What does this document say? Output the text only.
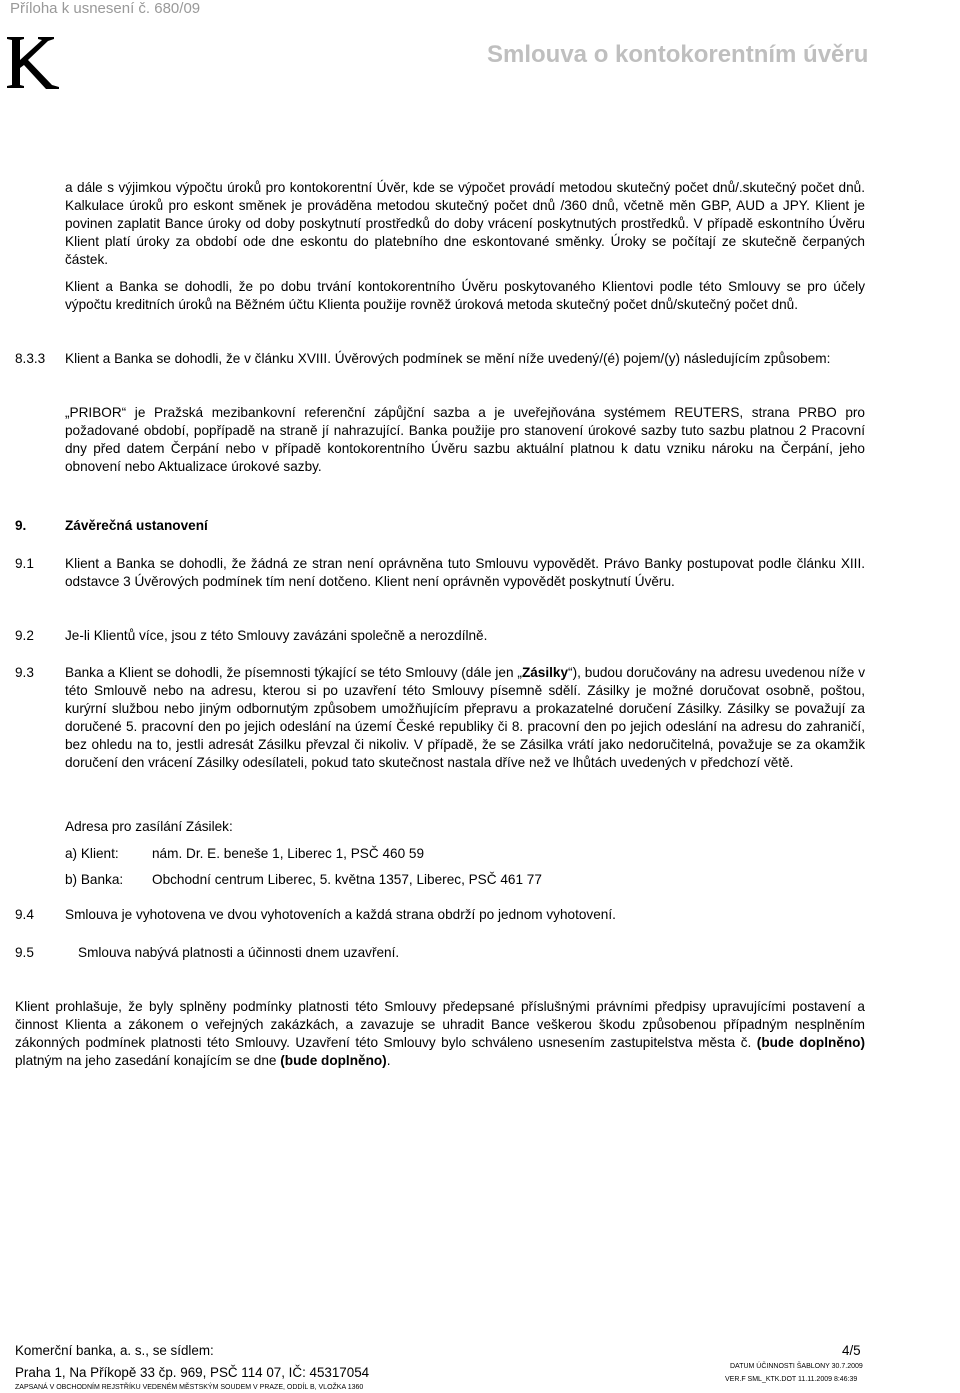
Příloha k usnesení č. 680/09
Smlouva o kontokorentním úvěru

a dále s výjimkou výpočtu úroků pro kontokorentní Úvěr, kde se výpočet provádí metodou skutečný počet dnů/.skutečný počet dnů. Kalkulace úroků pro eskont směnek je prováděna metodou skutečný počet dnů /360 dnů, včetně měn GBP, AUD a JPY. Klient je povinen zaplatit Bance úroky od doby poskytnutí prostředků do doby vrácení poskytnutých prostředků. V případě eskontního Úvěru Klient platí úroky za období ode dne eskontu do platebního dne eskontované směnky. Úroky se počítají ze skutečně čerpaných částek.

Klient a Banka se dohodli, že po dobu trvání kontokorentního Úvěru poskytovaného Klientovi podle této Smlouvy se pro účely výpočtu kreditních úroků na Běžném účtu Klienta použije rovněž úroková metoda skutečný počet dnů/skutečný počet dnů.

8.3.3 Klient a Banka se dohodli, že v článku XVIII. Úvěrových podmínek se mění níže uvedený/(é) pojem/(y) následujícím způsobem:
„PRIBOR“ je Pražská mezibankovní referenční zápůjční sazba a je uveřejňována systémem REUTERS, strana PRBO pro požadované období, popřípadě na straně jí nahrazující. Banka použije pro stanovení úrokové sazby tuto sazbu platnou 2 Pracovní dny před datem Čerpání nebo v případě kontokorentního Úvěru sazbu aktuální platnou k datu vzniku nároku na Čerpání, jeho obnovení nebo Aktualizace úrokové sazby.
9.	Závěrečná ustanovení
9.1 Klient a Banka se dohodli, že žádná ze stran není oprávněna tuto Smlouvu vypovědět. Právo Banky postupovat podle článku XIII. odstavce 3 Úvěrových podmínek tím není dotčeno. Klient není oprávněn vypovědět poskytnutí Úvěru.
9.2 Je-li Klientů více, jsou z této Smlouvy zavázáni společně a nerozdílně.
9.3 Banka a Klient se dohodli, že písemnosti týkající se této Smlouvy (dále jen „Zásilky“), budou doručovány na adresu uvedenou níže v této Smlouvě nebo na adresu, kterou si po uzavření této Smlouvy písemně sdělí. Zásilky je možné doručovat osobně, poštou, kurýrní službou nebo jiným odbornutým způsobem umožňujícím přepravu a prokazatelné doručení Zásilky. Zásilky se považují za doručené 5. pracovní den po jejich odeslání na území České republiky či 8. pracovní den po jejich odeslání na adresu do zahraničí, bez ohledu na to, jestli adresát Zásilku převzal či nikoliv. V případě, že se Zásilka vrátí jako nedoručitelná, považuje se za okamžik doručení den vrácení Zásilky odesílateli, pokud tato skutečnost nastala dříve než ve lhůtách uvedených v předchozí větě.
Adresa pro zasílání Zásilek:
a) Klient: nám. Dr. E. beneše 1, Liberec 1, PSČ 460 59
b) Banka: Obchodní centrum Liberec, 5. května 1357, Liberec, PSČ 461 77
9.4 Smlouva je vyhotovena ve dvou vyhotoveních a každá strana obdrží po jednom vyhotovení.
9.5	Smlouva nabývá platnosti a účinnosti dnem uzavření.
Klient prohlašuje, že byly splněny podmínky platnosti této Smlouvy předepsané příslušnými právními předpisy upravujícími postavení a činnost Klienta a zákonem o veřejných zakázkách, a zavazuje se uhradit Bance veškerou škodu způsobenou případným nesplněním zákonných podmínek platnosti této Smlouvy. Uzavření této Smlouvy bylo schváleno usnesením zastupitelstva města č. (bude doplněno) platným na jeho zasedání konajícím se dne (bude doplněno).
Komerční banka, a. s., se sídlem:
Praha 1, Na Příkopě 33 čp. 969, PSČ 114 07, IČ: 45317054
ZAPSANÁ V OBCHODNÍM REJSTŘÍKU VEDENÉM MĚSTSKÝM SOUDEM V PRAZE, ODDÍL B, VLOŽKA 1360
4/5
DATUM ÚČINNOSTI ŠABLONY 30.7.2009
VER.F SML_KTK.DOT 11.11.2009 8:46:39
